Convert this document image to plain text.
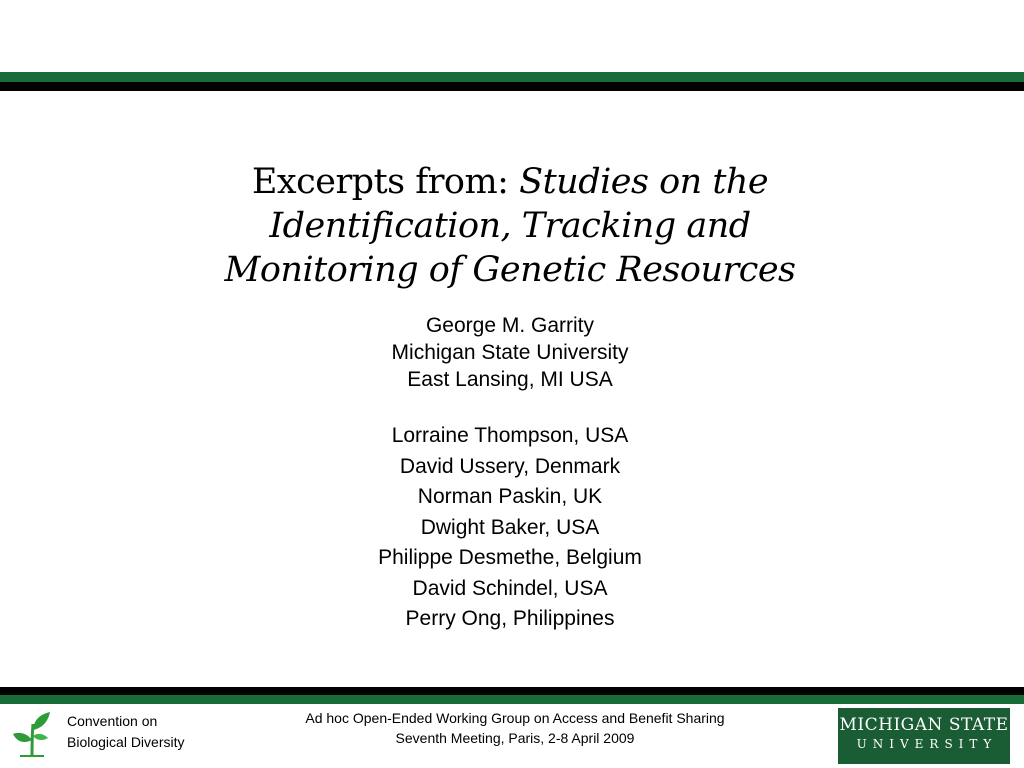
Excerpts from: Studies on the
Identification, Tracking and
Monitoring of Genetic Resources
George M. Garrity
Michigan State University
East Lansing, MI USA
Lorraine Thompson, USA
David Ussery, Denmark
Norman Paskin, UK
Dwight Baker, USA
Philippe Desmethe, Belgium
David Schindel, USA
Perry Ong, Philippines
Convention on
Biological Diversity
Ad hoc Open-Ended Working Group on Access and Benefit Sharing
Seventh Meeting, Paris, 2-8 April 2009
MICHIGAN STATE
UNIVERSITY
